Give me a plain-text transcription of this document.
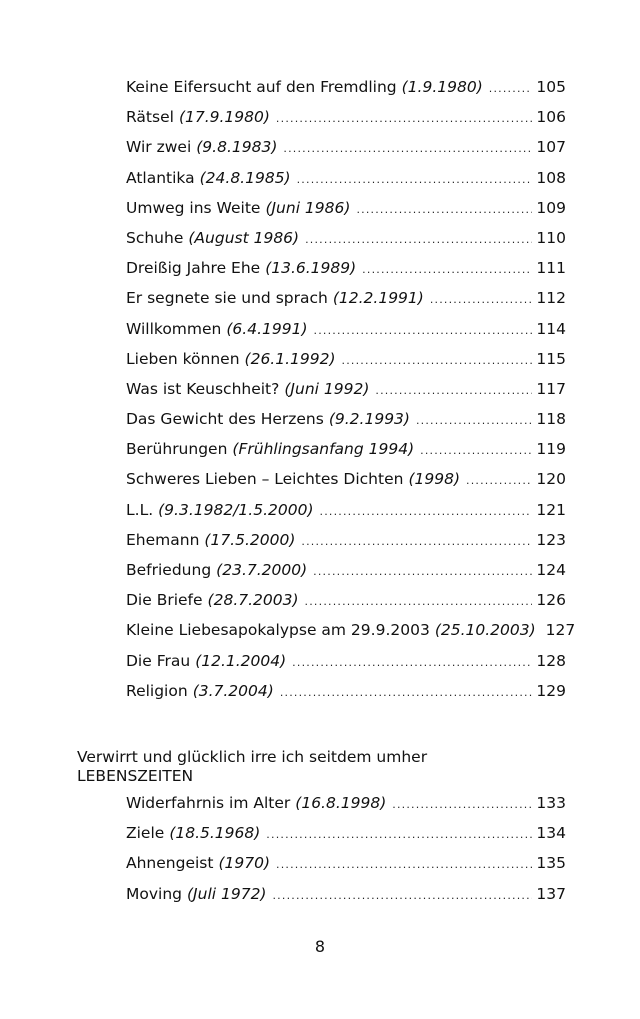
Keine Eifersucht auf den Fremdling (1.9.1980) .....	105
Rätsel (17.9.1980) .....	106
Wir zwei (9.8.1983) .....	107
Atlantika (24.8.1985) .....	108
Umweg ins Weite (Juni 1986) .....	109
Schuhe (August 1986) .....	110
Dreißig Jahre Ehe (13.6.1989) .....	111
Er segnete sie und sprach (12.2.1991) .....	112
Willkommen (6.4.1991) .....	114
Lieben können (26.1.1992) .....	115
Was ist Keuschheit? (Juni 1992) .....	117
Das Gewicht des Herzens (9.2.1993) .....	118
Berührungen (Frühlingsanfang 1994) .....	119
Schweres Lieben – Leichtes Dichten (1998) .....	120
L.L. (9.3.1982/1.5.2000) .....	121
Ehemann (17.5.2000) .....	123
Befriedung (23.7.2000) .....	124
Die Briefe (28.7.2003) .....	126
Kleine Liebesapokalypse am 29.9.2003 (25.10.2003) 127
Die Frau (12.1.2004) .....	128
Religion (3.7.2004) .....	129
Verwirrt und glücklich irre ich seitdem umher
LEBENSZEITEN
Widerfahrnis im Alter (16.8.1998) .....	133
Ziele (18.5.1968) .....	134
Ahnengeist (1970) .....	135
Moving (Juli 1972) .....	137
8
